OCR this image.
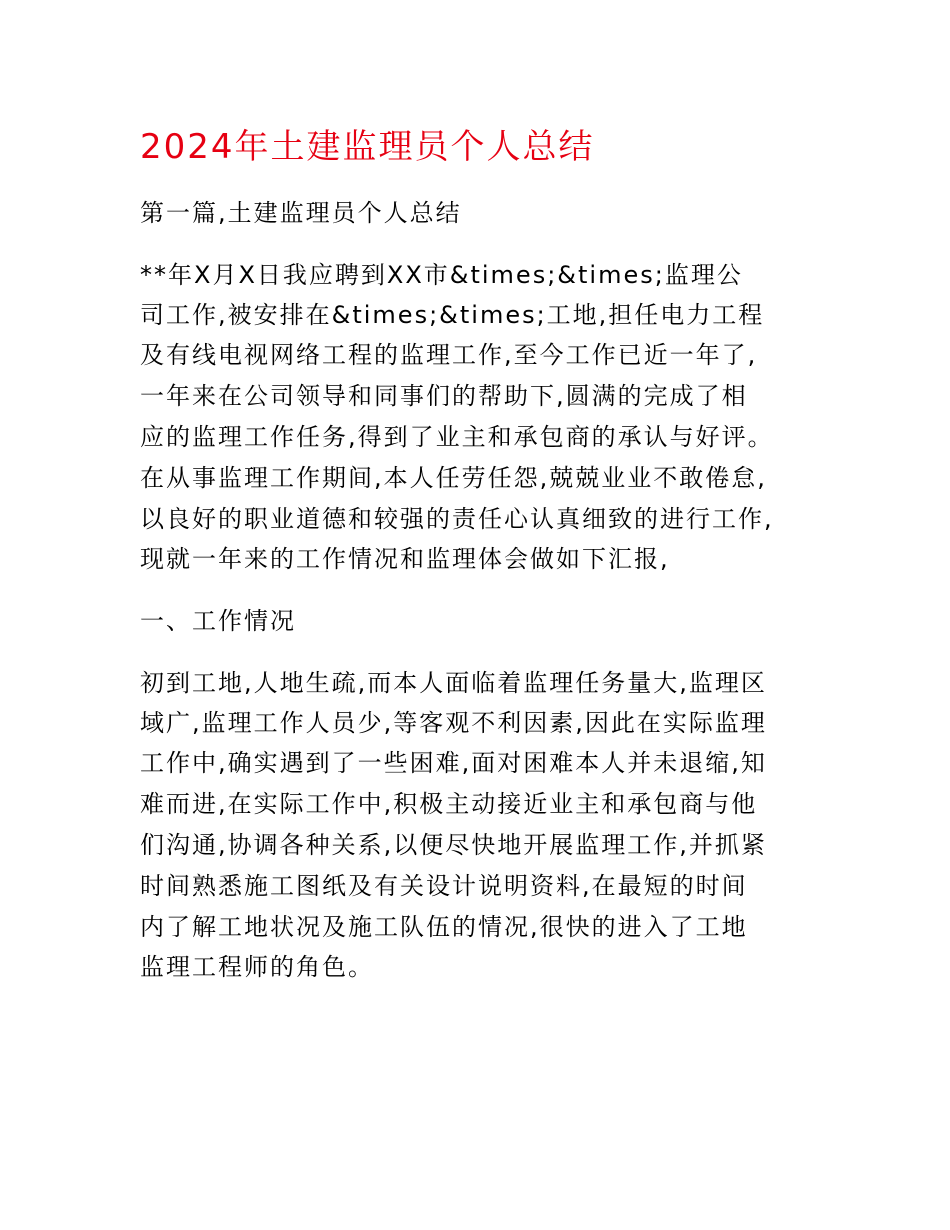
2024年土建监理员个人总结

第一篇,土建监理员个人总结

**年X月X日我应聘到XX市&times;&times;监理公

司工作,被安排在&times;&times;工地,担任电力工程

及有线电视网络工程的监理工作,至今工作已近一年了,

一年来在公司领导和同事们的帮助下,圆满的完成了相

应的监理工作任务,得到了业主和承包商的承认与好评。

在从事监理工作期间,本人任劳任怨,兢兢业业不敢倦怠,

以良好的职业道德和较强的责任心认真细致的进行工作,

现就一年来的工作情况和监理体会做如下汇报,

一、工作情况

初到工地,人地生疏,而本人面临着监理任务量大,监理区

域广,监理工作人员少,等客观不利因素,因此在实际监理

工作中,确实遇到了一些困难,面对困难本人并未退缩,知

难而进,在实际工作中,积极主动接近业主和承包商与他

们沟通,协调各种关系,以便尽快地开展监理工作,并抓紧

时间熟悉施工图纸及有关设计说明资料,在最短的时间

内了解工地状况及施工队伍的情况,很快的进入了工地

监理工程师的角色。
